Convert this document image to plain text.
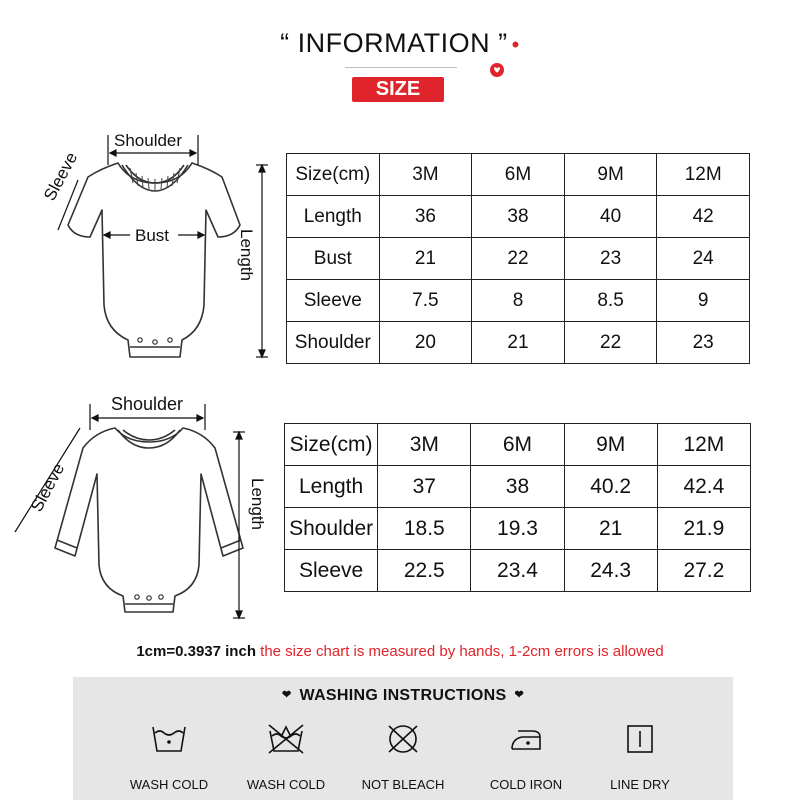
“ INFORMATION ” •
SIZE
Shoulder
Bust
Sleeve
Length
Size(cm)	3M	6M	9M	12M
Length	36	38	40	42
Bust	21	22	23	24
Sleeve	7.5	8	8.5	9
Shoulder	20	21	22	23
Shoulder
Sleeve	Length
Size(cm)	3M	6M	9M	12M
Length	37	38	40.2	42.4
Shoulder	18.5	19.3	21	21.9
Sleeve	22.5	23.4	24.3	27.2
1cm=0.3937 inch the size chart is measured by hands, 1-2cm errors is allowed
❤ WASHING INSTRUCTIONS ❤
WASH COLD	WASH COLD	NOT BLEACH	COLD IRON	LINE DRY
